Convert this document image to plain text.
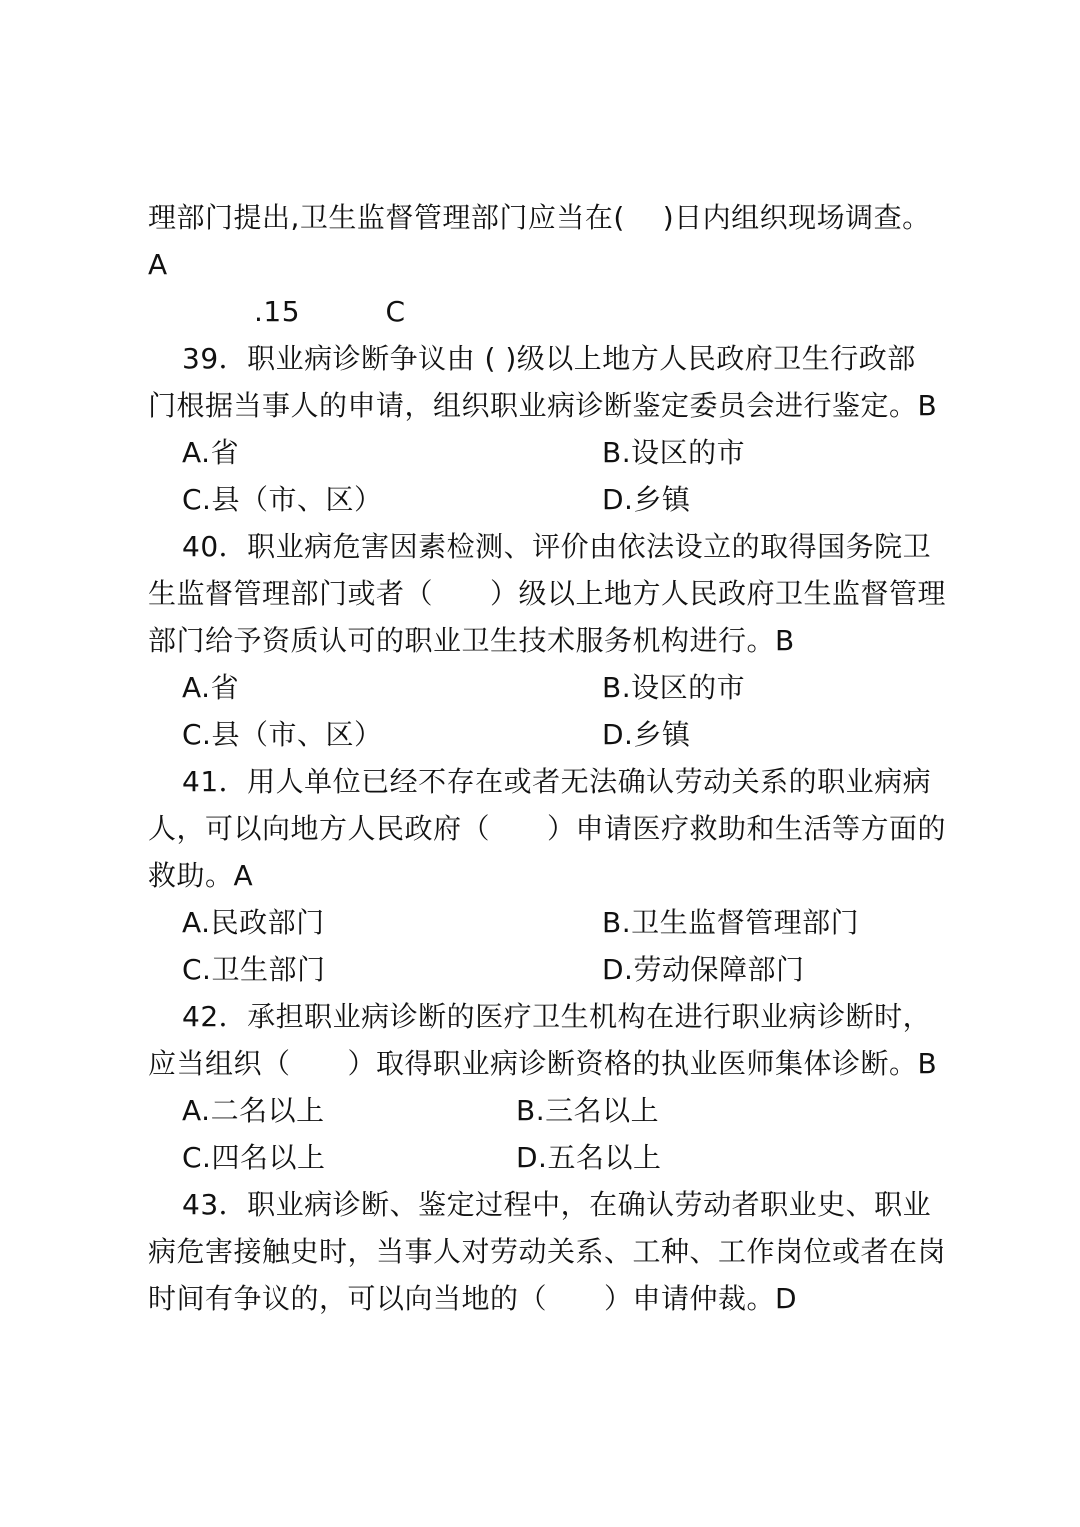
理部门提出,卫生监督管理部门应当在(　 )日内组织现场调查。
A
.15　　　C
39．职业病诊断争议由 ( )级以上地方人民政府卫生行政部
门根据当事人的申请，组织职业病诊断鉴定委员会进行鉴定。B
A.省	B.设区的市
C.县（市、区）	D.乡镇
40．职业病危害因素检测、评价由依法设立的取得国务院卫
生监督管理部门或者（　　）级以上地方人民政府卫生监督管理
部门给予资质认可的职业卫生技术服务机构进行。B
A.省	B.设区的市
C.县（市、区）	D.乡镇
41．用人单位已经不存在或者无法确认劳动关系的职业病病
人，可以向地方人民政府（　　）申请医疗救助和生活等方面的
救助。A
A.民政部门	B.卫生监督管理部门
C.卫生部门	D.劳动保障部门
42．承担职业病诊断的医疗卫生机构在进行职业病诊断时，
应当组织（　　）取得职业病诊断资格的执业医师集体诊断。B
A.二名以上	B.三名以上
C.四名以上	D.五名以上
43．职业病诊断、鉴定过程中，在确认劳动者职业史、职业
病危害接触史时，当事人对劳动关系、工种、工作岗位或者在岗
时间有争议的，可以向当地的（　　）申请仲裁。D
